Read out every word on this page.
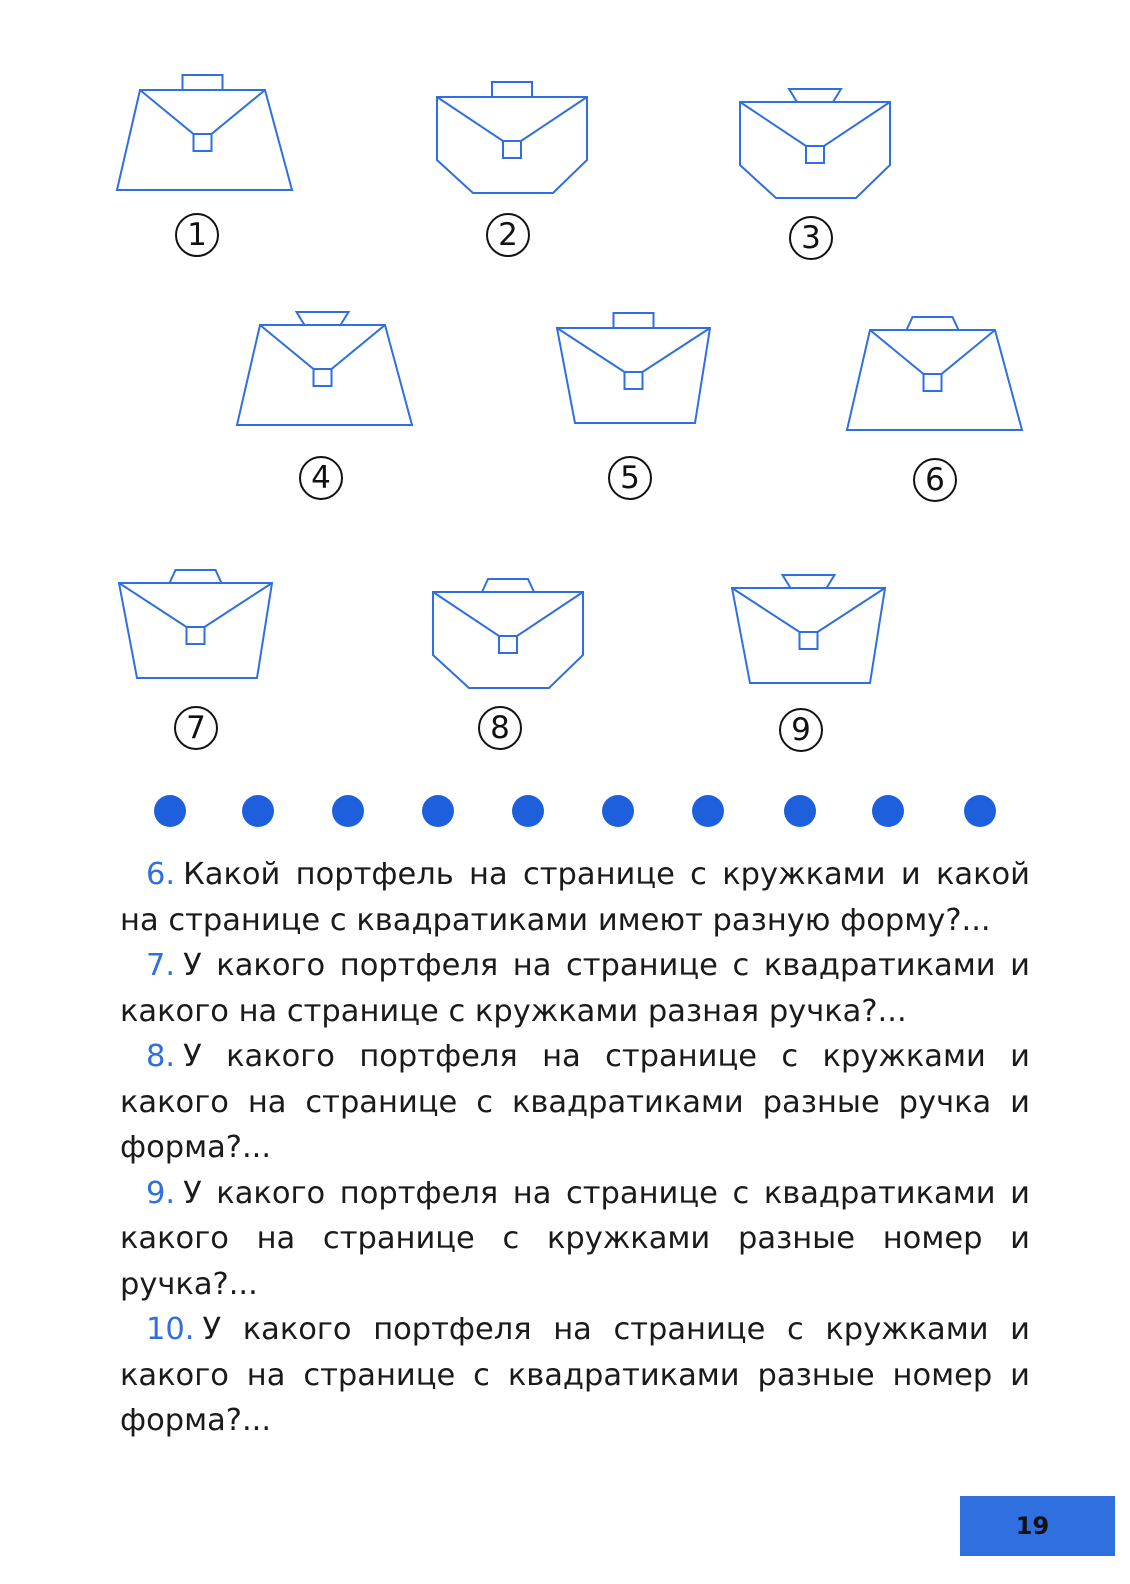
1	2	3
4	5	6
7	8	9

6. Какой портфель на странице с кружками и какой на странице с квадратиками имеют разную форму?...

7. У какого портфеля на странице с квадратиками и какого на странице с кружками разная ручка?...

8. У какого портфеля на странице с кружками и какого на странице с квадратиками разные ручка и форма?...

9. У какого портфеля на странице с квадратиками и какого на странице с кружками разные номер и ручка?...

10. У какого портфеля на странице с кружками и какого на странице с квадратиками разные номер и форма?...

19
